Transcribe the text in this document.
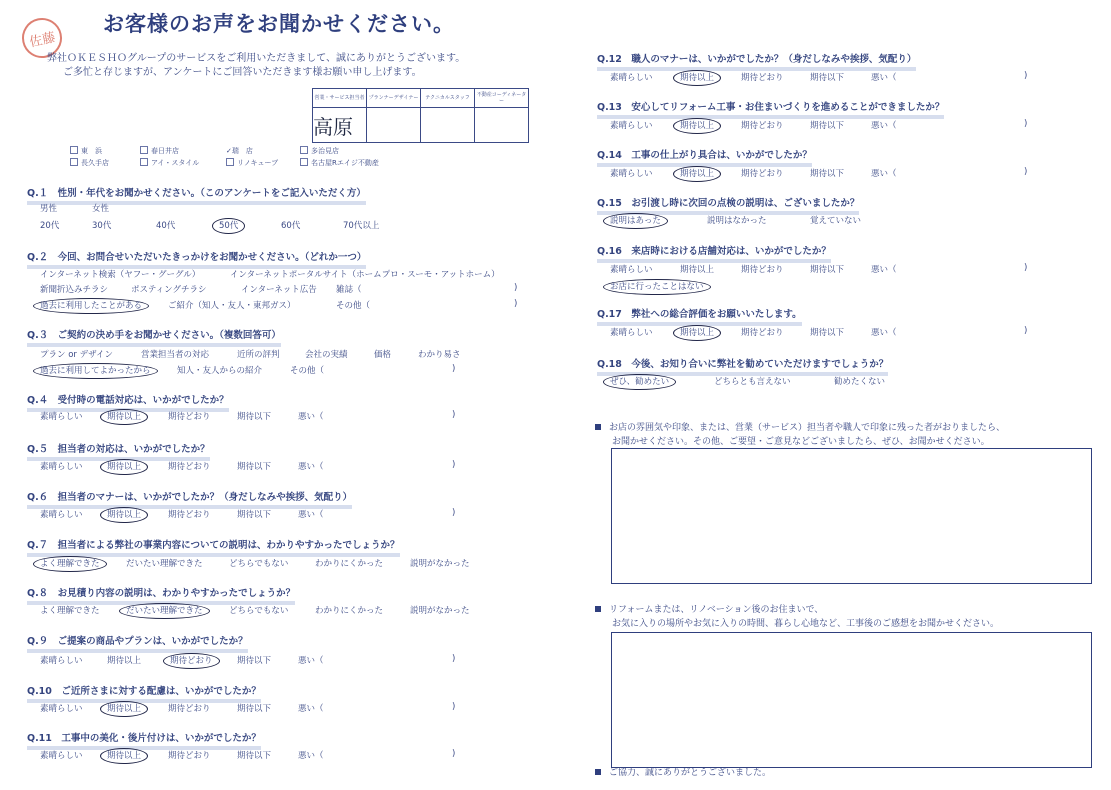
佐藤
お客様のお声をお聞かせください。
弊社ＯＫＥＳＨＯグループのサービスをご利用いただきまして、誠にありがとうございます。
ご多忙と存じますが、アンケートにご回答いただきます様お願い申し上げます。
営業・サービス担当者	プランナーデザイナー	テクニカルスタッフ	不動産コーディネーター
高原			
東　浜	春日井店	✓瑞　店	多治見店
長久手店	アイ・スタイル	リノキューブ	名古屋Rエイジ不動産
Q.１　性別・年代をお聞かせください。（このアンケートをご記入いただく方）
男性	女性
20代	30代	40代	50代	60代	70代以上
Q.２　今回、お問合せいただいたきっかけをお聞かせください。（どれか一つ）
インターネット検索（ヤフー・グーグル）	インターネットポータルサイト（ホームプロ・スーモ・アットホーム）
新聞折込みチラシ	ポスティングチラシ	インターネット広告 雑誌（	)
過去に利用したことがある	ご紹介（知人・友人・東邦ガス）	その他（	)
Q.３　ご契約の決め手をお聞かせください。（複数回答可）
プラン or デザイン	営業担当者の対応	近所の評判	会社の実績	価格	わかり易さ
過去に利用してよかったから	知人・友人からの紹介	その他（	)
Q.４　受付時の電話対応は、いかがでしたか？
素晴らしい	期待以上	期待どおり	期待以下	悪い（	)
Q.５　担当者の対応は、いかがでしたか？
素晴らしい	期待以上	期待どおり	期待以下	悪い（	)
Q.６　担当者のマナーは、いかがでしたか？（身だしなみや挨拶、気配り）
素晴らしい	期待以上	期待どおり	期待以下	悪い（	)
Q.７　担当者による弊社の事業内容についての説明は、わかりやすかったでしょうか？
よく理解できた	だいたい理解できた	どちらでもない	わかりにくかった	説明がなかった
Q.８　お見積り内容の説明は、わかりやすかったでしょうか？
よく理解できた	だいたい理解できた	どちらでもない	わかりにくかった	説明がなかった
Q.９　ご提案の商品やプランは、いかがでしたか？
素晴らしい	期待以上	期待どおり	期待以下	悪い（	)
Q.10　ご近所さまに対する配慮は、いかがでしたか？
素晴らしい	期待以上	期待どおり	期待以下	悪い（	)
Q.11　工事中の美化・後片付けは、いかがでしたか？
素晴らしい	期待以上	期待どおり	期待以下	悪い（	)
Q.12　職人のマナーは、いかがでしたか？（身だしなみや挨拶、気配り）
素晴らしい	期待以上	期待どおり	期待以下	悪い（	)
Q.13　安心してリフォーム工事・お住まいづくりを進めることができましたか？
素晴らしい	期待以上	期待どおり	期待以下	悪い（	)
Q.14　工事の仕上がり具合は、いかがでしたか？
素晴らしい	期待以上	期待どおり	期待以下	悪い（	)
Q.15　お引渡し時に次回の点検の説明は、ございましたか？
説明はあった	説明はなかった	覚えていない
Q.16　来店時における店舗対応は、いかがでしたか？
素晴らしい	期待以上	期待どおり	期待以下	悪い（	)
お店に行ったことはない
Q.17　弊社への総合評価をお願いいたします。
素晴らしい	期待以上	期待どおり	期待以下	悪い（	)
Q.18　今後、お知り合いに弊社を勧めていただけますでしょうか？
ぜひ、勧めたい	どちらとも言えない	勧めたくない
お店の雰囲気や印象、または、営業（サービス）担当者や職人で印象に残った者がおりましたら、
お聞かせください。その他、ご要望・ご意見などございましたら、ぜひ、お聞かせください。
リフォームまたは、リノベーション後のお住まいで、
お気に入りの場所やお気に入りの時間、暮らし心地など、工事後のご感想をお聞かせください。
ご協力、誠にありがとうございました。
